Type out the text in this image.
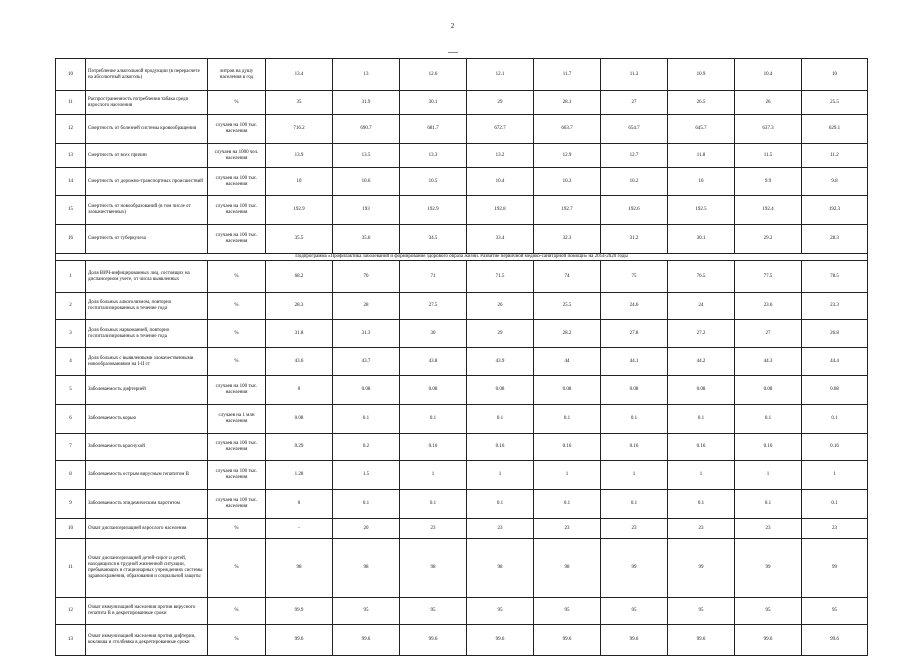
2
10	Потребление алкогольной продукции (в перерасчете на абсолютный алкоголь)	литров на душу населения в год	13.4	13	12.6	12.1	11.7	11.3	10.9	10.4	10
11	Распространенность потребления табака среди взрослого населения	%	35	31.9	30.1	29	28.1	27	26.5	26	25.5
12	Смертность от болезней системы кровообращения	случаев на 100 тыс. населения	716.2	690.7	681.7	672.7	663.7	654.7	645.7	637.3	629.1
13	Смертность от всех причин	случаев на 1000 чел. населения	13.9	13.5	13.3	13.2	12.9	12.7	11.8	11.5	11.2
14	Смертность от дорожно-транспортных происшествий	случаев на 100 тыс. населения	10	10.6	10.5	10.4	10.3	10.2	10	9.9	9.8
15	Смертность от новообразований (в том числе от злокачественных)	случаев на 100 тыс. населения	192.9	193	192.9	192.8	192.7	192.6	192.5	192.4	192.3
16	Смертность от туберкулеза	случаев на 100 тыс. населения	35.5	35.6	34.5	33.4	32.3	31.2	30.1	29.2	28.3
Подпрограмма «Профилактика заболеваний и формирование здорового образа жизни. Развитие первичной медико-санитарной помощи» на 2014-2020 годы											
1	Доля ВИЧ-инфицированных лиц, состоящих на диспансерном учете, от числа выявленных	%	68.2	70	71	71.5	74	75	76.5	77.5	78.5
2	Доля больных алкоголизмом, повторно госпитализированных в течение года	%	28.3	28	27.5	26	25.5	24.6	24	23.6	23.3
3	Доля больных наркоманией, повторно госпитализированных в течение года	%	31.8	31.3	30	29	28.2	27.8	27.2	27	26.8
4	Доля больных с выявленными злокачественными новообразованиями на I-II ст	%	43.6	43.7	43.8	43.9	44	44.1	44.2	44.3	44.4
5	Заболеваемость дифтерией	случаев на 100 тыс. населения	0	0.08	0.08	0.08	0.08	0.08	0.08	0.08	0.08
6	Заболеваемость корью	случаев на 1 млн населения	0.08	0.1	0.1	0.1	0.1	0.1	0.1	0.1	0.1
7	Заболеваемость краснухой	случаев на 100 тыс. населения	0.29	0.2	0.16	0.16	0.16	0.16	0.16	0.16	0.16
8	Заболеваемость острым вирусным гепатитом В	случаев на 100 тыс. населения	1.28	1.5	1	1	1	1	1	1	1
9	Заболеваемость эпидемическим паротитом	случаев на 100 тыс. населения	0	0.1	0.1	0.1	0.1	0.1	0.1	0.1	0.1
10	Охват диспансеризацией взрослого населения	%	-	20	23	23	23	23	23	23	23
11	Охват диспансеризацией детей-сирот и детей, находящихся в трудной жизненной ситуации, пребывающих в стационарных учреждениях системы здравоохранения, образования и социальной защиты	%	98	98	98	98	98	99	99	99	99
12	Охват иммунизацией населения против вирусного гепатита В в декретированные сроки	%	99.9	95	95	95	95	95	95	95	95
13	Охват иммунизацией населения против дифтерии, коклюша и столбняка в декретированные сроки	%	99.6	99.6	99.6	99.6	99.6	99.6	99.6	99.6	99.6
